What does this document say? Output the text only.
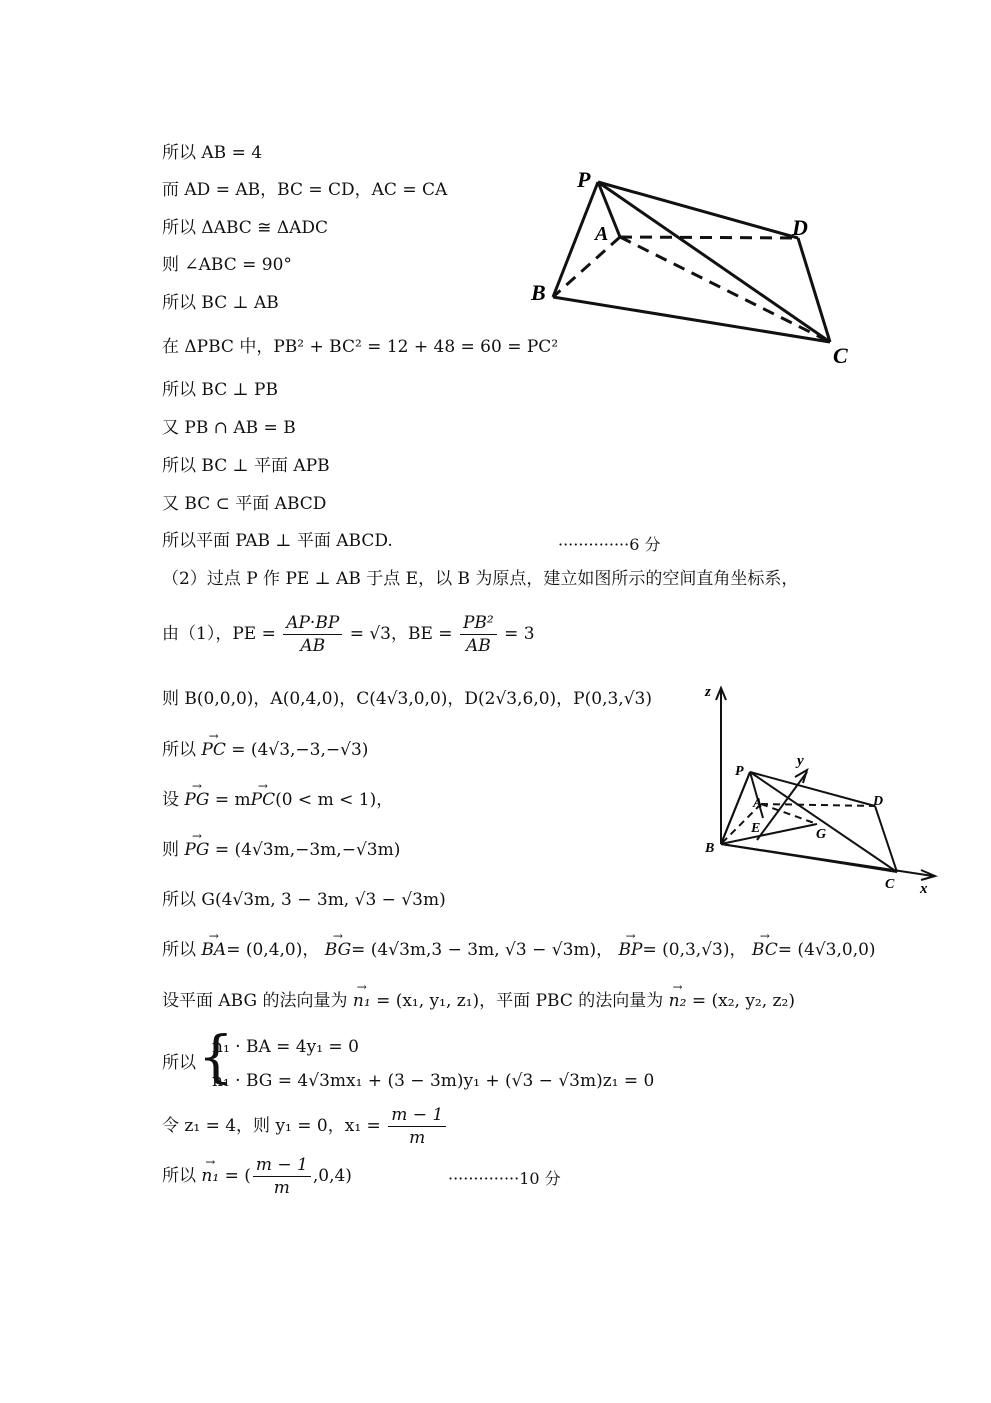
所以 AB = 4
而 AD = AB，BC = CD，AC = CA
所以 ΔABC ≅ ΔADC
则 ∠ABC = 90°
所以 BC ⊥ AB
在 ΔPBC 中，PB² + BC² = 12 + 48 = 60 = PC²
所以 BC ⊥ PB
又 PB ∩ AB = B
所以 BC ⊥ 平面 APB
又 BC ⊂ 平面 ABCD
所以平面 PAB ⊥ 平面 ABCD.	··············6 分
（2）过点 P 作 PE ⊥ AB 于点 E，以 B 为原点，建立如图所示的空间直角坐标系，
由（1），PE = $\frac{AP\cdot BP}{AB} = √3$，BE = $\frac{\text{PB²}}{AB} = 3$
则 B(0,0,0)，A(0,4,0)，C(4√3,0,0)，D(2√3,6,0)，P(0,3,√3)
所以 → PC = (4√3,−3,−√3)
设 → PG = m→ PC(0 < m < 1)，
则 → PG = (4√3m,−3m,−√3m)
所以 G(4√3m, 3 − 3m, √3 − √3m)
所以 → BA= (0,4,0)， → BG= (4√3m,3 − 3m, √3 − √3m)， → BP= (0,3,√3)， → BC= (4√3,0,0)
设平面 ABG 的法向量为 → n₁ = (x₁, y₁, z₁)，平面 PBC 的法向量为 → n₂ = (x₂, y₂, z₂)
所以 {
n₁ · BA = 4y₁ = 0
n₁ · BG = 4√3mx₁ + (3 − 3m)y₁ + (√3 − √3m)z₁ = 0
令 z₁ = 4，则 y₁ = 0，$x_1 = \frac{m - 1}{m}$
所以 → n₁ = ( $\frac{m - 1}{m} ,0,4$)	··············10 分
P
A	D
B
C
z
y
x
P
A
E	G
D
B
C
